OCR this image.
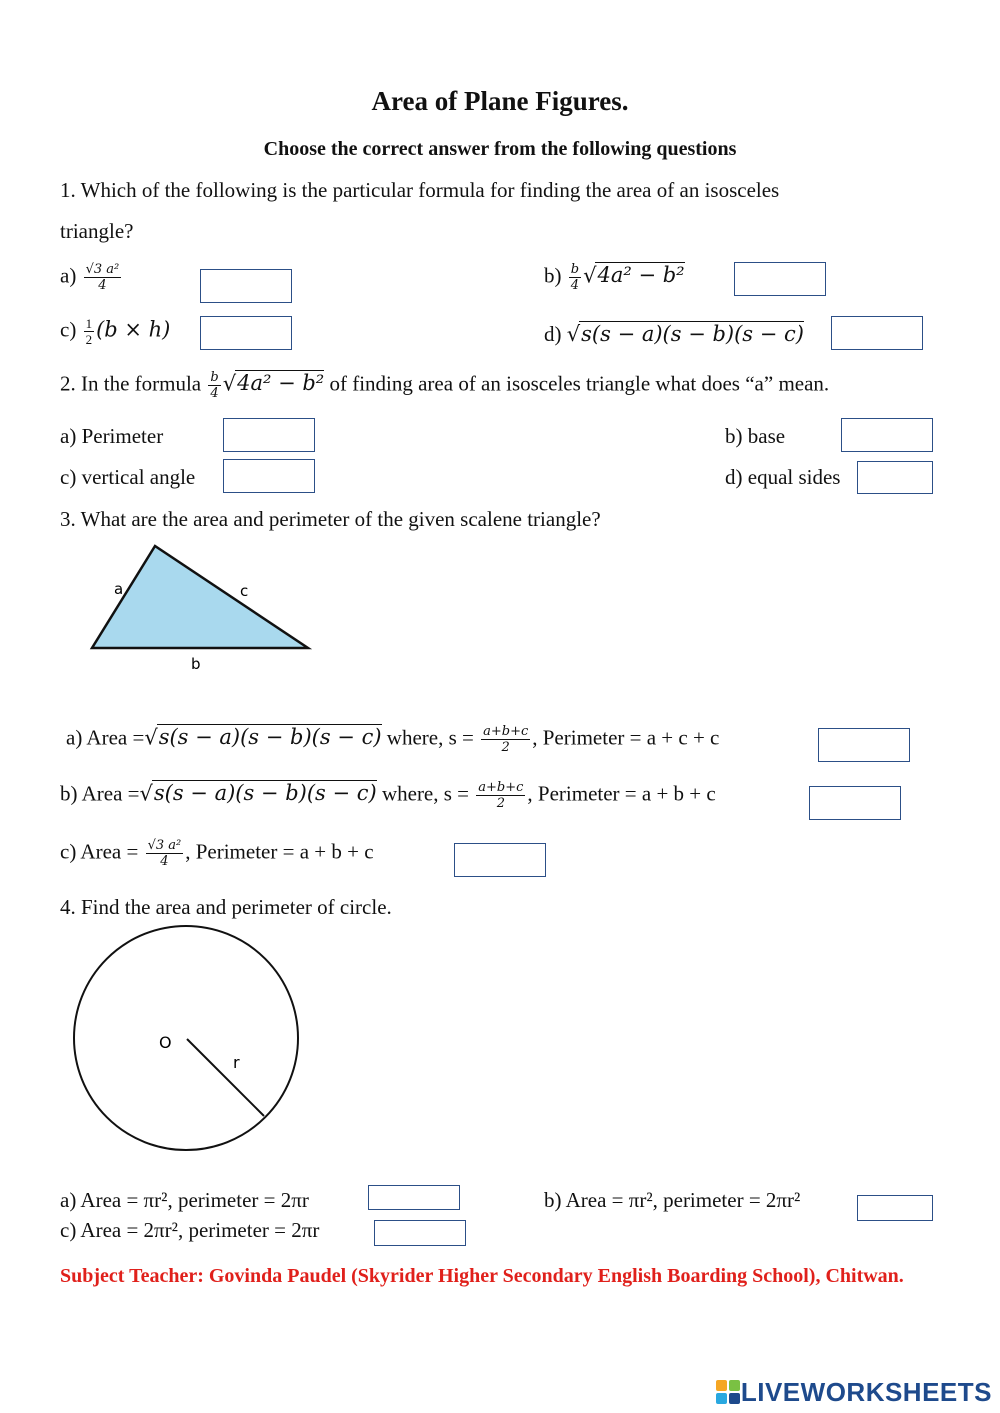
Area of Plane Figures.
Choose the correct answer from the following questions
1. Which of the following is the particular formula for finding the area of an isosceles
triangle?
$a) \frac{\text{√3 a²}}{4}$	$b) \frac{b}{4} √4a^2 - b^2$
$c) \frac{1}{2} (b \times h)$	d) √s(s − a)(s − b)(s − c)
2. In the formula $\frac{b}{4} √4a^2 - b^2$ of finding area of an isosceles triangle what does “a” mean.
a) Perimeter	b) base
c) vertical angle	d) equal sides
3. What are the area and perimeter of the given scalene triangle?
a	c
b
a) Area =√s(s − a)(s − b)(s − c) where, $s = \frac{a+b+c}{2}$ , Perimeter = a + c + c
b) Area =√s(s − a)(s − b)(s − c) where, $s = \frac{a+b+c}{2}$ , Perimeter = a + b + c
c) Area = $\frac{\text{√3 a²}}{4}$ , Perimeter = a + b + c
4. Find the area and perimeter of circle.
O
r
a) Area = πr², perimeter = 2πr	b) Area = πr², perimeter = 2πr²
c) Area = 2πr², perimeter = 2πr
Subject Teacher: Govinda Paudel (Skyrider Higher Secondary English Boarding School), Chitwan.
LIVEWORKSHEETS
